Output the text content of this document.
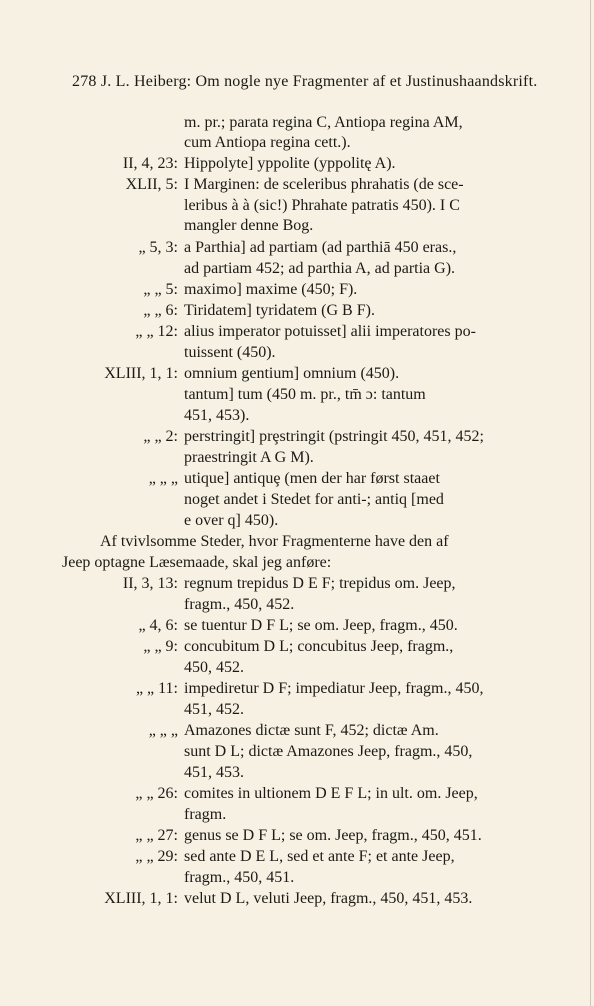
278 J. L. Heiberg: Om nogle nye Fragmenter af et Justinushaandskrift.
m. pr.; parata regina C, Antiopa regina AM,
cum Antiopa regina cett.).
II, 4, 23: Hippolyte] yppolite (yppolitę A).
XLII, 5: I Marginen: de sceleribus phrahatis (de sce-
leribus à à (sic!) Phrahate patratis 450). I C
mangler denne Bog.
„ 5, 3: a Parthia] ad partiam (ad parthiā 450 eras.,
ad partiam 452; ad parthia A, ad partia G).
„ „ 5: maximo] maxime (450; F).
„ „ 6: Tiridatem] tyridatem (G B F).
„ „ 12: alius imperator potuisset] alii imperatores po-
tuissent (450).
XLIII, 1, 1: omnium gentium] omnium (450).
tantum] tum (450 m. pr., tm̄ ɔ: tantum
451, 453).
„ „ 2: perstringit] prȩstringit (pstringit 450, 451, 452;
praestringit A G M).
„ „ „ utique] antiquȩ (men der har først staaet
noget andet i Stedet for anti-; antiq [med
e over q] 450).
Af tvivlsomme Steder, hvor Fragmenterne have den af
Jeep optagne Læsemaade, skal jeg anføre:
II, 3, 13: regnum trepidus D E F; trepidus om. Jeep,
fragm., 450, 452.
„ 4, 6: se tuentur D F L; se om. Jeep, fragm., 450.
„ „ 9: concubitum D L; concubitus Jeep, fragm.,
450, 452.
„ „ 11: impediretur D F; impediatur Jeep, fragm., 450,
451, 452.
„ „ „ Amazones dictæ sunt F, 452; dictæ Am.
sunt D L; dictæ Amazones Jeep, fragm., 450,
451, 453.
„ „ 26: comites in ultionem D E F L; in ult. om. Jeep,
fragm.
„ „ 27: genus se D F L; se om. Jeep, fragm., 450, 451.
„ „ 29: sed ante D E L, sed et ante F; et ante Jeep,
fragm., 450, 451.
XLIII, 1, 1: velut D L, veluti Jeep, fragm., 450, 451, 453.
